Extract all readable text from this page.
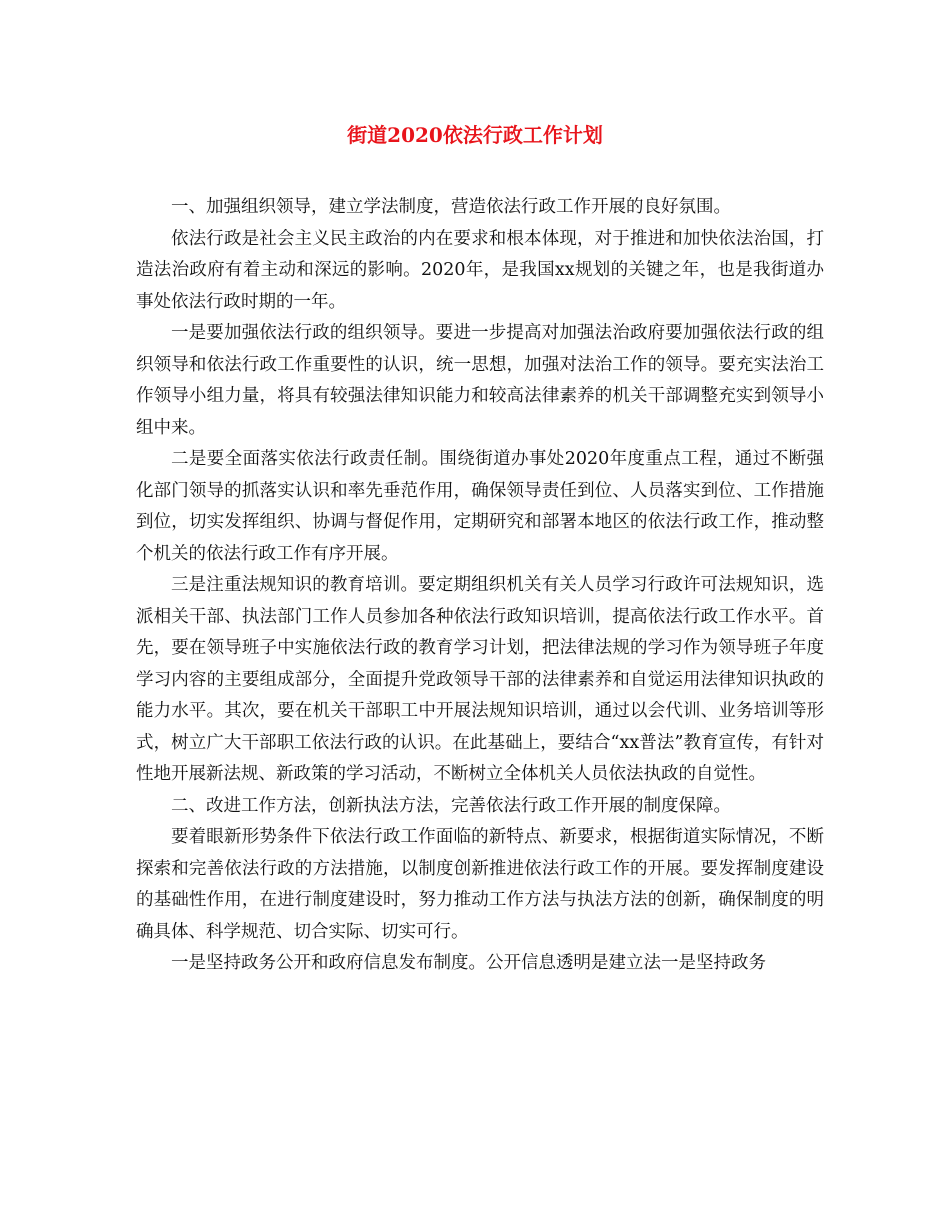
街道2020依法行政工作计划

一、加强组织领导，建立学法制度，营造依法行政工作开展的良好氛围。

依法行政是社会主义民主政治的内在要求和根本体现，对于推进和加快依法治国，打造法治政府有着主动和深远的影响。2020年，是我国xx规划的关键之年，也是我街道办事处依法行政时期的一年。

一是要加强依法行政的组织领导。要进一步提高对加强法治政府要加强依法行政的组织领导和依法行政工作重要性的认识，统一思想，加强对法治工作的领导。要充实法治工作领导小组力量，将具有较强法律知识能力和较高法律素养的机关干部调整充实到领导小组中来。

二是要全面落实依法行政责任制。围绕街道办事处2020年度重点工程，通过不断强化部门领导的抓落实认识和率先垂范作用，确保领导责任到位、人员落实到位、工作措施到位，切实发挥组织、协调与督促作用，定期研究和部署本地区的依法行政工作，推动整个机关的依法行政工作有序开展。

三是注重法规知识的教育培训。要定期组织机关有关人员学习行政许可法规知识，选派相关干部、执法部门工作人员参加各种依法行政知识培训，提高依法行政工作水平。首先，要在领导班子中实施依法行政的教育学习计划，把法律法规的学习作为领导班子年度学习内容的主要组成部分，全面提升党政领导干部的法律素养和自觉运用法律知识执政的能力水平。其次，要在机关干部职工中开展法规知识培训，通过以会代训、业务培训等形式，树立广大干部职工依法行政的认识。在此基础上，要结合“xx普法”教育宣传，有针对性地开展新法规、新政策的学习活动，不断树立全体机关人员依法执政的自觉性。

二、改进工作方法，创新执法方法，完善依法行政工作开展的制度保障。

要着眼新形势条件下依法行政工作面临的新特点、新要求，根据街道实际情况，不断探索和完善依法行政的方法措施，以制度创新推进依法行政工作的开展。要发挥制度建设的基础性作用，在进行制度建设时，努力推动工作方法与执法方法的创新，确保制度的明确具体、科学规范、切合实际、切实可行。

一是坚持政务公开和政府信息发布制度。公开信息透明是建立法一是坚持政务
